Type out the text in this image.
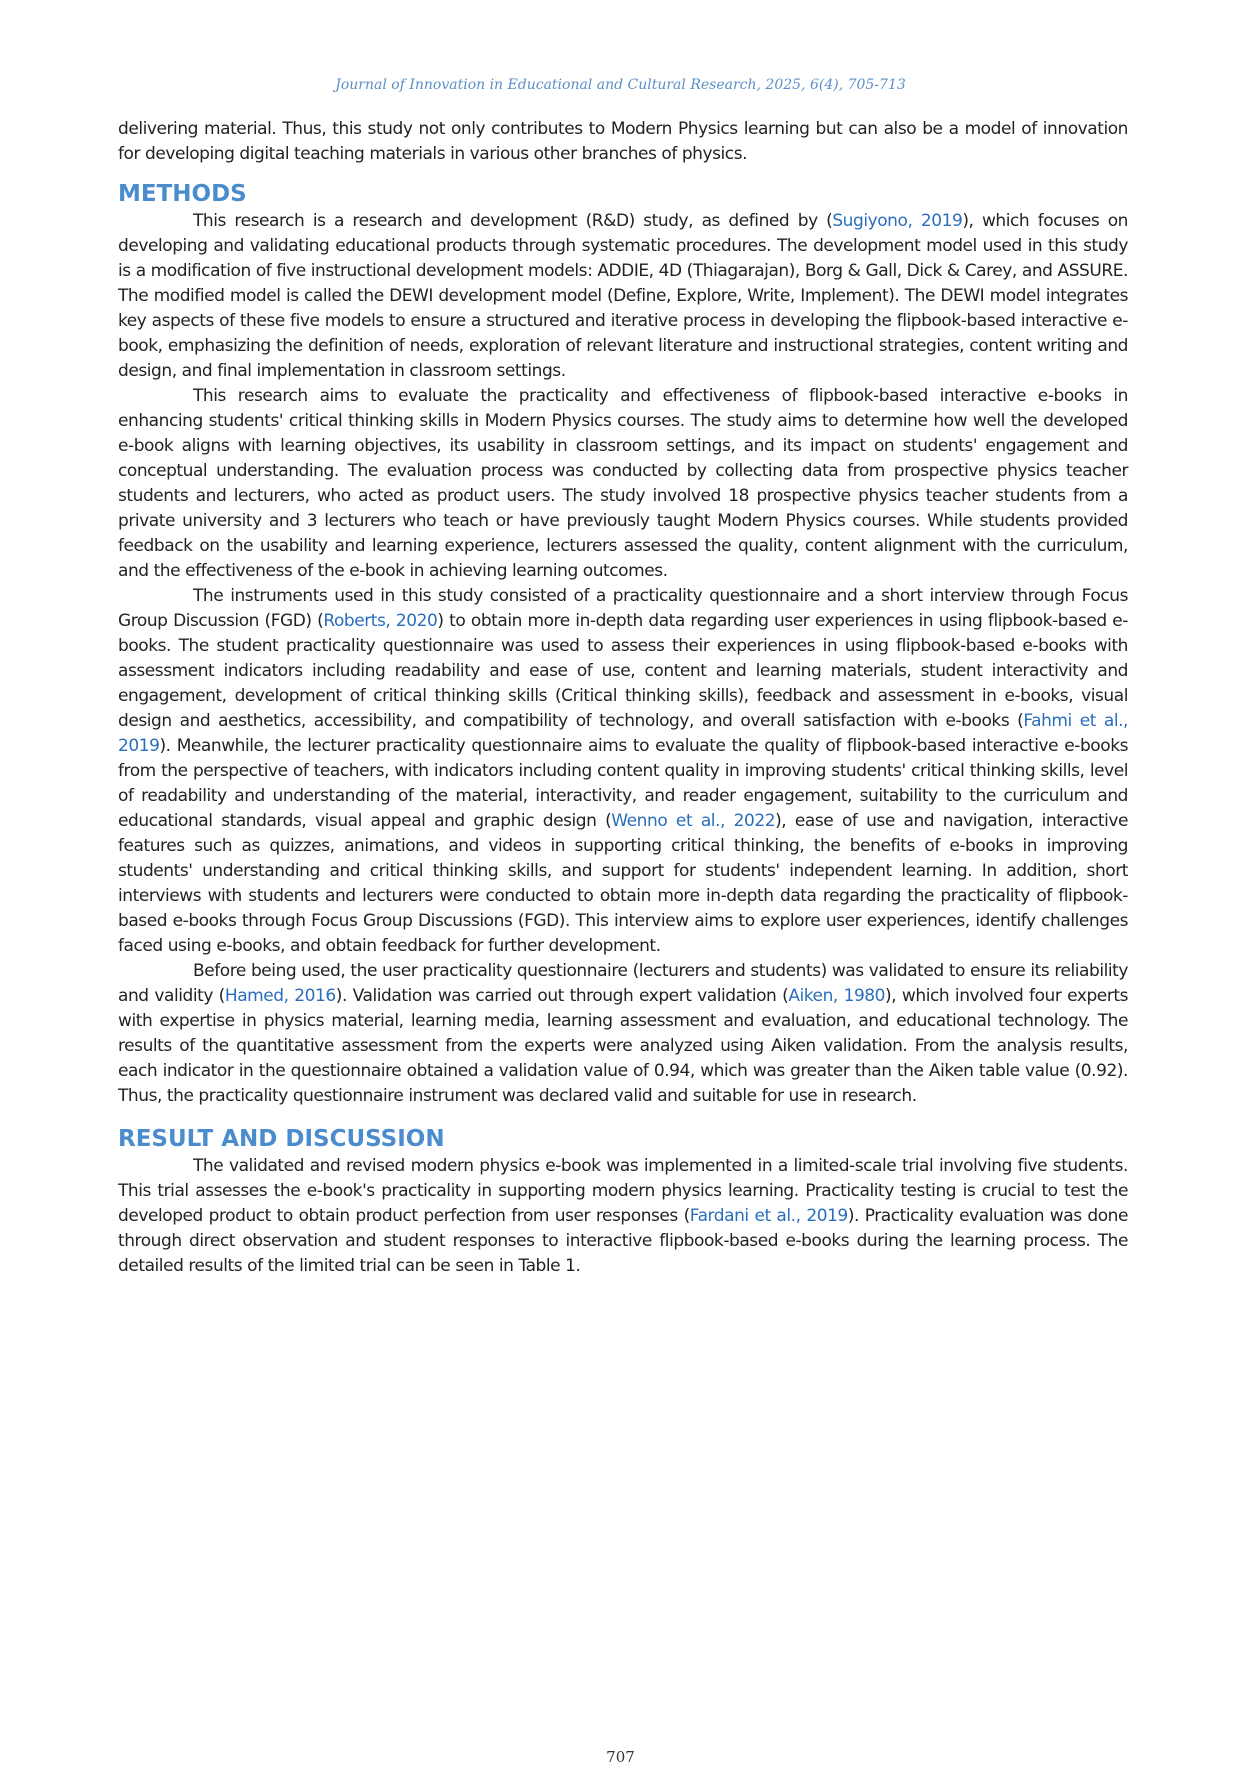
Journal of Innovation in Educational and Cultural Research, 2025, 6(4), 705-713

delivering material. Thus, this study not only contributes to Modern Physics learning but can also be a model of innovation for developing digital teaching materials in various other branches of physics.

METHODS

This research is a research and development (R&D) study, as defined by (Sugiyono, 2019), which focuses on developing and validating educational products through systematic procedures. The development model used in this study is a modification of five instructional development models: ADDIE, 4D (Thiagarajan), Borg & Gall, Dick & Carey, and ASSURE. The modified model is called the DEWI development model (Define, Explore, Write, Implement). The DEWI model integrates key aspects of these five models to ensure a structured and iterative process in developing the flipbook-based interactive e-book, emphasizing the definition of needs, exploration of relevant literature and instructional strategies, content writing and design, and final implementation in classroom settings.

This research aims to evaluate the practicality and effectiveness of flipbook-based interactive e-books in enhancing students' critical thinking skills in Modern Physics courses. The study aims to determine how well the developed e-book aligns with learning objectives, its usability in classroom settings, and its impact on students' engagement and conceptual understanding. The evaluation process was conducted by collecting data from prospective physics teacher students and lecturers, who acted as product users. The study involved 18 prospective physics teacher students from a private university and 3 lecturers who teach or have previously taught Modern Physics courses. While students provided feedback on the usability and learning experience, lecturers assessed the quality, content alignment with the curriculum, and the effectiveness of the e-book in achieving learning outcomes.

The instruments used in this study consisted of a practicality questionnaire and a short interview through Focus Group Discussion (FGD) (Roberts, 2020) to obtain more in-depth data regarding user experiences in using flipbook-based e-books. The student practicality questionnaire was used to assess their experiences in using flipbook-based e-books with assessment indicators including readability and ease of use, content and learning materials, student interactivity and engagement, development of critical thinking skills (Critical thinking skills), feedback and assessment in e-books, visual design and aesthetics, accessibility, and compatibility of technology, and overall satisfaction with e-books (Fahmi et al., 2019). Meanwhile, the lecturer practicality questionnaire aims to evaluate the quality of flipbook-based interactive e-books from the perspective of teachers, with indicators including content quality in improving students' critical thinking skills, level of readability and understanding of the material, interactivity, and reader engagement, suitability to the curriculum and educational standards, visual appeal and graphic design (Wenno et al., 2022), ease of use and navigation, interactive features such as quizzes, animations, and videos in supporting critical thinking, the benefits of e-books in improving students' understanding and critical thinking skills, and support for students' independent learning. In addition, short interviews with students and lecturers were conducted to obtain more in-depth data regarding the practicality of flipbook-based e-books through Focus Group Discussions (FGD). This interview aims to explore user experiences, identify challenges faced using e-books, and obtain feedback for further development.

Before being used, the user practicality questionnaire (lecturers and students) was validated to ensure its reliability and validity (Hamed, 2016). Validation was carried out through expert validation (Aiken, 1980), which involved four experts with expertise in physics material, learning media, learning assessment and evaluation, and educational technology. The results of the quantitative assessment from the experts were analyzed using Aiken validation. From the analysis results, each indicator in the questionnaire obtained a validation value of 0.94, which was greater than the Aiken table value (0.92). Thus, the practicality questionnaire instrument was declared valid and suitable for use in research.

RESULT AND DISCUSSION

The validated and revised modern physics e-book was implemented in a limited-scale trial involving five students. This trial assesses the e-book's practicality in supporting modern physics learning. Practicality testing is crucial to test the developed product to obtain product perfection from user responses (Fardani et al., 2019). Practicality evaluation was done through direct observation and student responses to interactive flipbook-based e-books during the learning process. The detailed results of the limited trial can be seen in Table 1.

707
